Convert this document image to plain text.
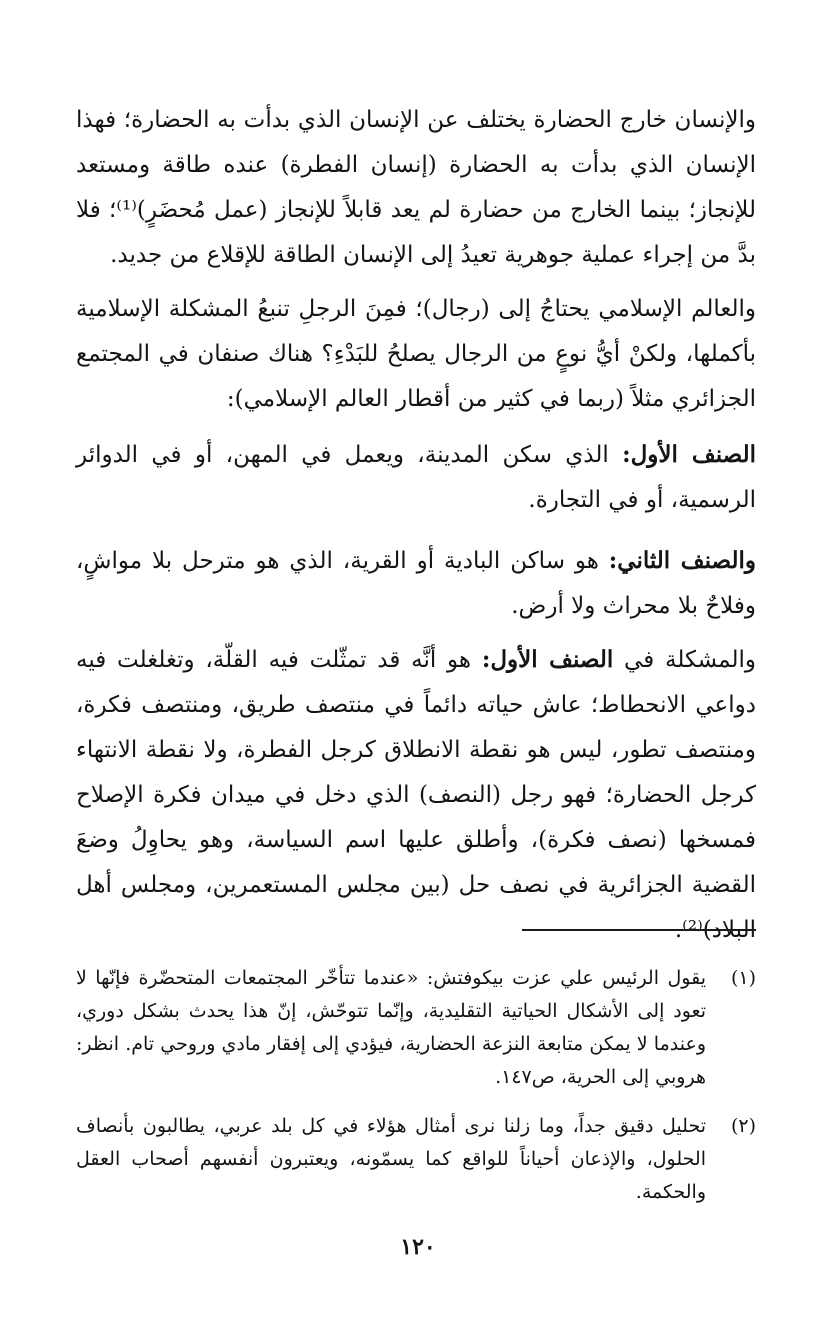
والإنسان خارج الحضارة يختلف عن الإنسان الذي بدأت به الحضارة؛ فهذا الإنسان الذي بدأت به الحضارة (إنسان الفطرة) عنده طاقة ومستعد للإنجاز؛ بينما الخارج من حضارة لم يعد قابلاً للإنجاز (عمل مُحضَرٍ)⁽¹⁾؛ فلا بدَّ من إجراء عملية جوهرية تعيدُ إلى الإنسان الطاقة للإقلاع من جديد.

والعالم الإسلامي يحتاجُ إلى (رجال)؛ فمِنَ الرجلِ تنبعُ المشكلة الإسلامية بأكملها، ولكنْ أيُّ نوعٍ من الرجال يصلحُ للبَدْءِ؟ هناك صنفان في المجتمع الجزائري مثلاً (ربما في كثير من أقطار العالم الإسلامي):

الصنف الأول: الذي سكن المدينة، ويعمل في المهن، أو في الدوائر الرسمية، أو في التجارة.

والصنف الثاني: هو ساكن البادية أو القرية، الذي هو مترحل بلا مواشٍ، وفلاحٌ بلا محراث ولا أرض.

والمشكلة في الصنف الأول: هو أنَّه قد تمثّلت فيه القلّة، وتغلغلت فيه دواعي الانحطاط؛ عاش حياته دائماً في منتصف طريق، ومنتصف فكرة، ومنتصف تطور، ليس هو نقطة الانطلاق كرجل الفطرة، ولا نقطة الانتهاء كرجل الحضارة؛ فهو رجل (النصف) الذي دخل في ميدان فكرة الإصلاح فمسخها (نصف فكرة)، وأطلق عليها اسم السياسة، وهو يحاوِلُ وضعَ القضية الجزائرية في نصف حل (بين مجلس المستعمرين، ومجلس أهل البلاد)⁽²⁾.

(١)
يقول الرئيس علي عزت بيكوفتش: «عندما تتأخّر المجتمعات المتحضّرة فإنّها لا تعود إلى الأشكال الحياتية التقليدية، وإنّما تتوحّش، إنّ هذا يحدث بشكل دوري، وعندما لا يمكن متابعة النزعة الحضارية، فيؤدي إلى إفقار مادي وروحي تام. انظر: هروبي إلى الحرية، ص١٤٧.
(٢)
تحليل دقيق جداً، وما زلنا نرى أمثال هؤلاء في كل بلد عربي، يطالبون بأنصاف الحلول، والإذعان أحياناً للواقع كما يسمّونه، ويعتبرون أنفسهم أصحاب العقل والحكمة.
١٢٠
